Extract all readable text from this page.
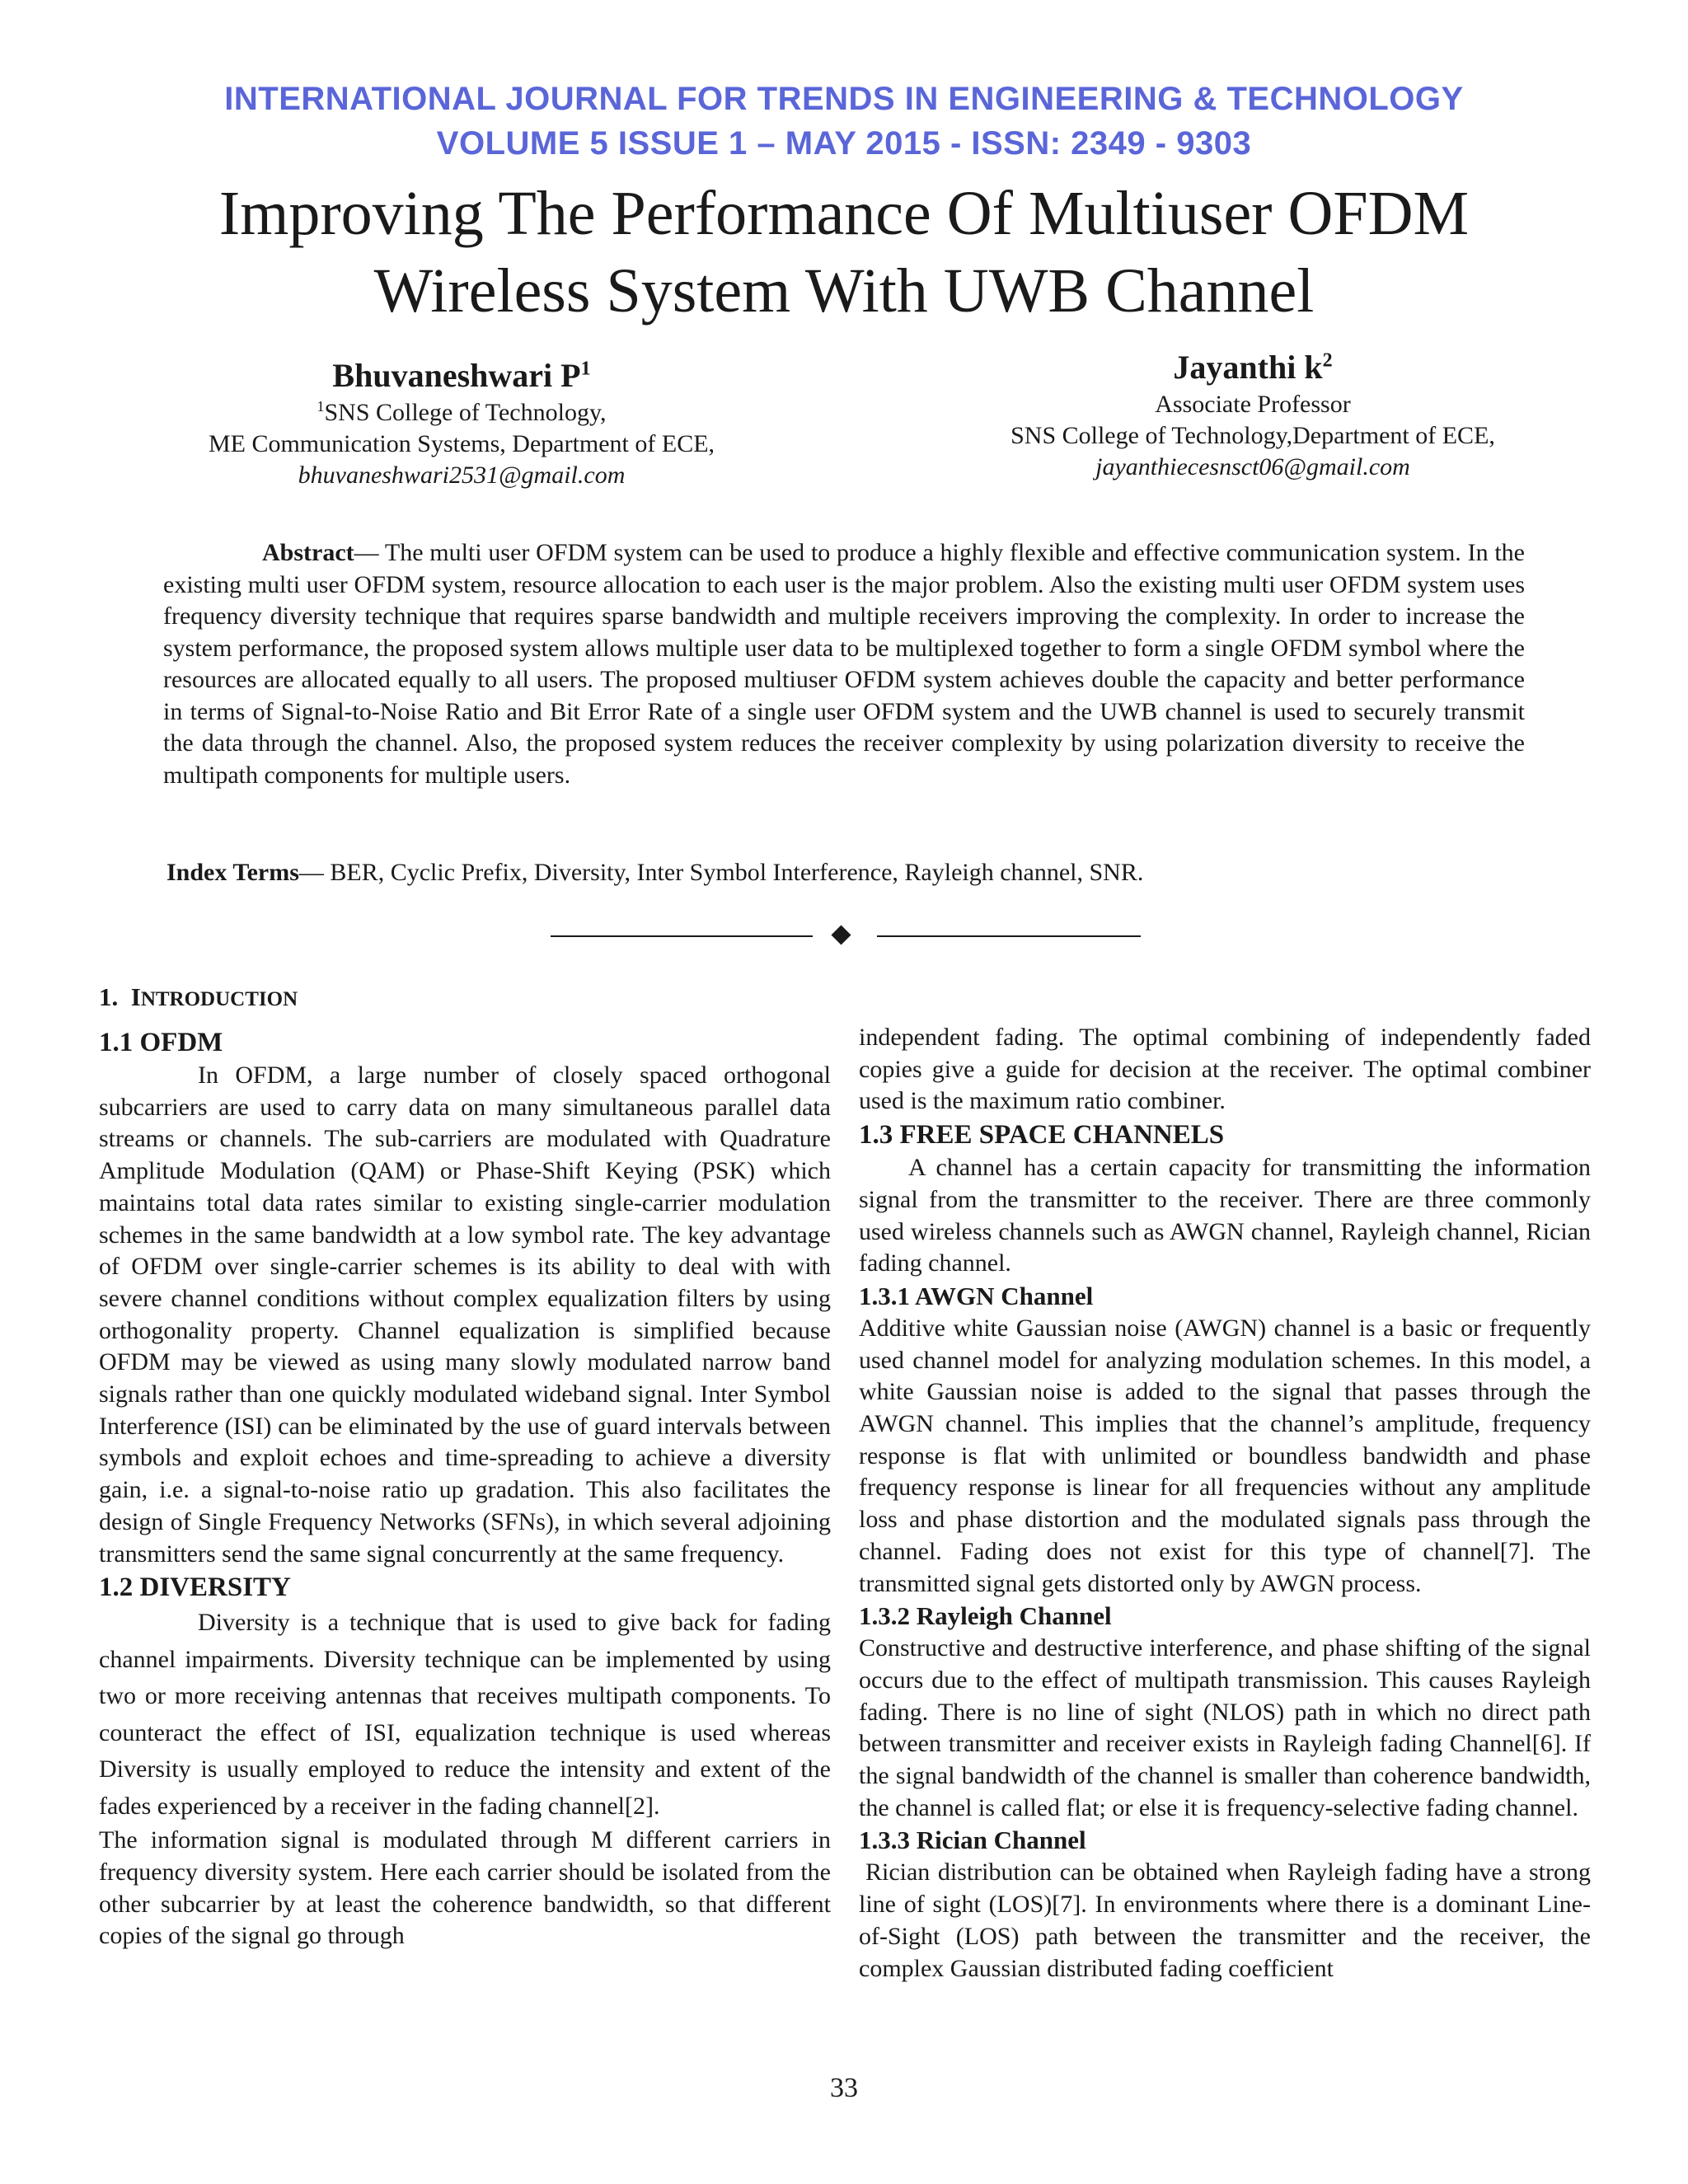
INTERNATIONAL JOURNAL FOR TRENDS IN ENGINEERING & TECHNOLOGY
VOLUME 5 ISSUE 1 – MAY 2015 - ISSN: 2349 - 9303
Improving The Performance Of Multiuser OFDM
Wireless System With UWB Channel
Bhuvaneshwari $P^1$
$^1$SNS College of Technology,
ME Communication Systems, Department of ECE,
bhuvaneshwari2531@gmail.com
Jayanthi $k^2$
Associate Professor
SNS College of Technology,Department of ECE,
jayanthiecesnsct06@gmail.com

Abstract— The multi user OFDM system can be used to produce a highly flexible and effective communication system. In the existing multi user OFDM system, resource allocation to each user is the major problem. Also the existing multi user OFDM system uses frequency diversity technique that requires sparse bandwidth and multiple receivers improving the complexity. In order to increase the system performance, the proposed system allows multiple user data to be multiplexed together to form a single OFDM symbol where the resources are allocated equally to all users. The proposed multiuser OFDM system achieves double the capacity and better performance in terms of Signal-to-Noise Ratio and Bit Error Rate of a single user OFDM system and the UWB channel is used to securely transmit the data through the channel. Also, the proposed system reduces the receiver complexity by using polarization diversity to receive the multipath components for multiple users.

Index Terms— BER, Cyclic Prefix, Diversity, Inter Symbol Interference, Rayleigh channel, SNR.
1. INTRODUCTION
1.1 OFDM

In OFDM, a large number of closely spaced orthogonal subcarriers are used to carry data on many simultaneous parallel data streams or channels. The sub-carriers are modulated with Quadrature Amplitude Modulation (QAM) or Phase-Shift Keying (PSK) which maintains total data rates similar to existing single-carrier modulation schemes in the same bandwidth at a low symbol rate. The key advantage of OFDM over single-carrier schemes is its ability to deal with with severe channel conditions without complex equalization filters by using orthogonality property. Channel equalization is simplified because OFDM may be viewed as using many slowly modulated narrow band signals rather than one quickly modulated wideband signal. Inter Symbol Interference (ISI) can be eliminated by the use of guard intervals between symbols and exploit echoes and time-spreading to achieve a diversity gain, i.e. a signal-to-noise ratio up gradation. This also facilitates the design of Single Frequency Networks (SFNs), in which several adjoining transmitters send the same signal concurrently at the same frequency.

1.2 DIVERSITY

Diversity is a technique that is used to give back for fading channel impairments. Diversity technique can be implemented by using two or more receiving antennas that receives multipath components. To counteract the effect of ISI, equalization technique is used whereas Diversity is usually employed to reduce the intensity and extent of the fades experienced by a receiver in the fading channel[2].

The information signal is modulated through M different carriers in frequency diversity system. Here each carrier should be isolated from the other subcarrier by at least the coherence bandwidth, so that different copies of the signal go through

independent fading. The optimal combining of independently faded copies give a guide for decision at the receiver. The optimal combiner used is the maximum ratio combiner.

1.3 FREE SPACE CHANNELS

A channel has a certain capacity for transmitting the information signal from the transmitter to the receiver. There are three commonly used wireless channels such as AWGN channel, Rayleigh channel, Rician fading channel.

1.3.1 AWGN Channel

Additive white Gaussian noise (AWGN) channel is a basic or frequently used channel model for analyzing modulation schemes. In this model, a white Gaussian noise is added to the signal that passes through the AWGN channel. This implies that the channel’s amplitude, frequency response is flat with unlimited or boundless bandwidth and phase frequency response is linear for all frequencies without any amplitude loss and phase distortion and the modulated signals pass through the channel. Fading does not exist for this type of channel[7]. The transmitted signal gets distorted only by AWGN process.

1.3.2 Rayleigh Channel

Constructive and destructive interference, and phase shifting of the signal occurs due to the effect of multipath transmission. This causes Rayleigh fading. There is no line of sight (NLOS) path in which no direct path between transmitter and receiver exists in Rayleigh fading Channel[6]. If the signal bandwidth of the channel is smaller than coherence bandwidth, the channel is called flat; or else it is frequency-selective fading channel.

1.3.3 Rician Channel

Rician distribution can be obtained when Rayleigh fading have a strong line of sight (LOS)[7]. In environments where there is a dominant Line-of-Sight (LOS) path between the transmitter and the receiver, the complex Gaussian distributed fading coefficient

33
